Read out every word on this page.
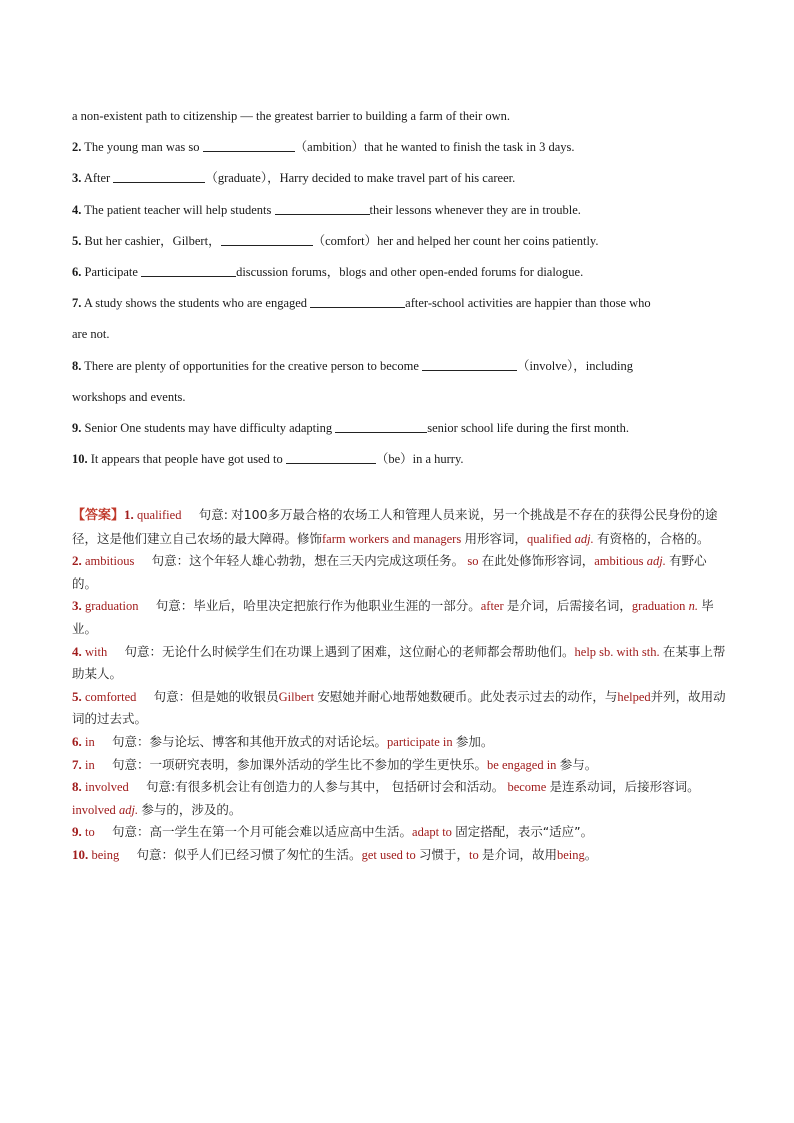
a non-existent path to citizenship — the greatest barrier to building a farm of their own.
2. The young man was so	（ambition）that he wanted to finish the task in 3 days.
3. After	（graduate），Harry decided to make travel part of his career.
4. The patient teacher will help students	their lessons whenever they are in trouble.
5. But her cashier，Gilbert，	（comfort）her and helped her count her coins patiently.
6. Participate	discussion forums，blogs and other open-ended forums for dialogue.
7. A study shows the students who are engaged	after-school activities are happier than those who
are not.
8. There are plenty of opportunities for the creative person to become	（involve），including
workshops and events.
9. Senior One students may have difficulty adapting	senior school life during the first month.
10. It appears that people have got used to	（be）in a hurry.
【答案】1. qualified 句意: 对100多万最合格的农场工人和管理人员来说，另一个挑战是不存在的获得公民身份的途径，这是他们建立自己农场的最大障碍。修饰farm workers and managers 用形容词，qualified adj. 有资格的，合格的。
2. ambitious 句意：这个年轻人雄心勃勃，想在三天内完成这项任务。 so 在此处修饰形容词，ambitious adj. 有野心的。
3. graduation 句意：毕业后，哈里决定把旅行作为他职业生涯的一部分。after 是介词，后需接名词，graduation n. 毕业。
4. with 句意：无论什么时候学生们在功课上遇到了困难，这位耐心的老师都会帮助他们。help sb. with sth. 在某事上帮助某人。
5. comforted 句意：但是她的收银员Gilbert 安慰她并耐心地帮她数硬币。此处表示过去的动作，与helped并列，故用动词的过去式。
6. in 句意：参与论坛、博客和其他开放式的对话论坛。participate in 参加。
7. in 句意：一项研究表明，参加课外活动的学生比不参加的学生更快乐。be engaged in 参与。
8. involved 句意:有很多机会让有创造力的人参与其中， 包括研讨会和活动。 become 是连系动词，后接形容词。involved adj. 参与的，涉及的。
9. to 句意：高一学生在第一个月可能会难以适应高中生活。adapt to 固定搭配，表示“适应”。
10. being 句意：似乎人们已经习惯了匆忙的生活。get used to 习惯于，to 是介词，故用being。
